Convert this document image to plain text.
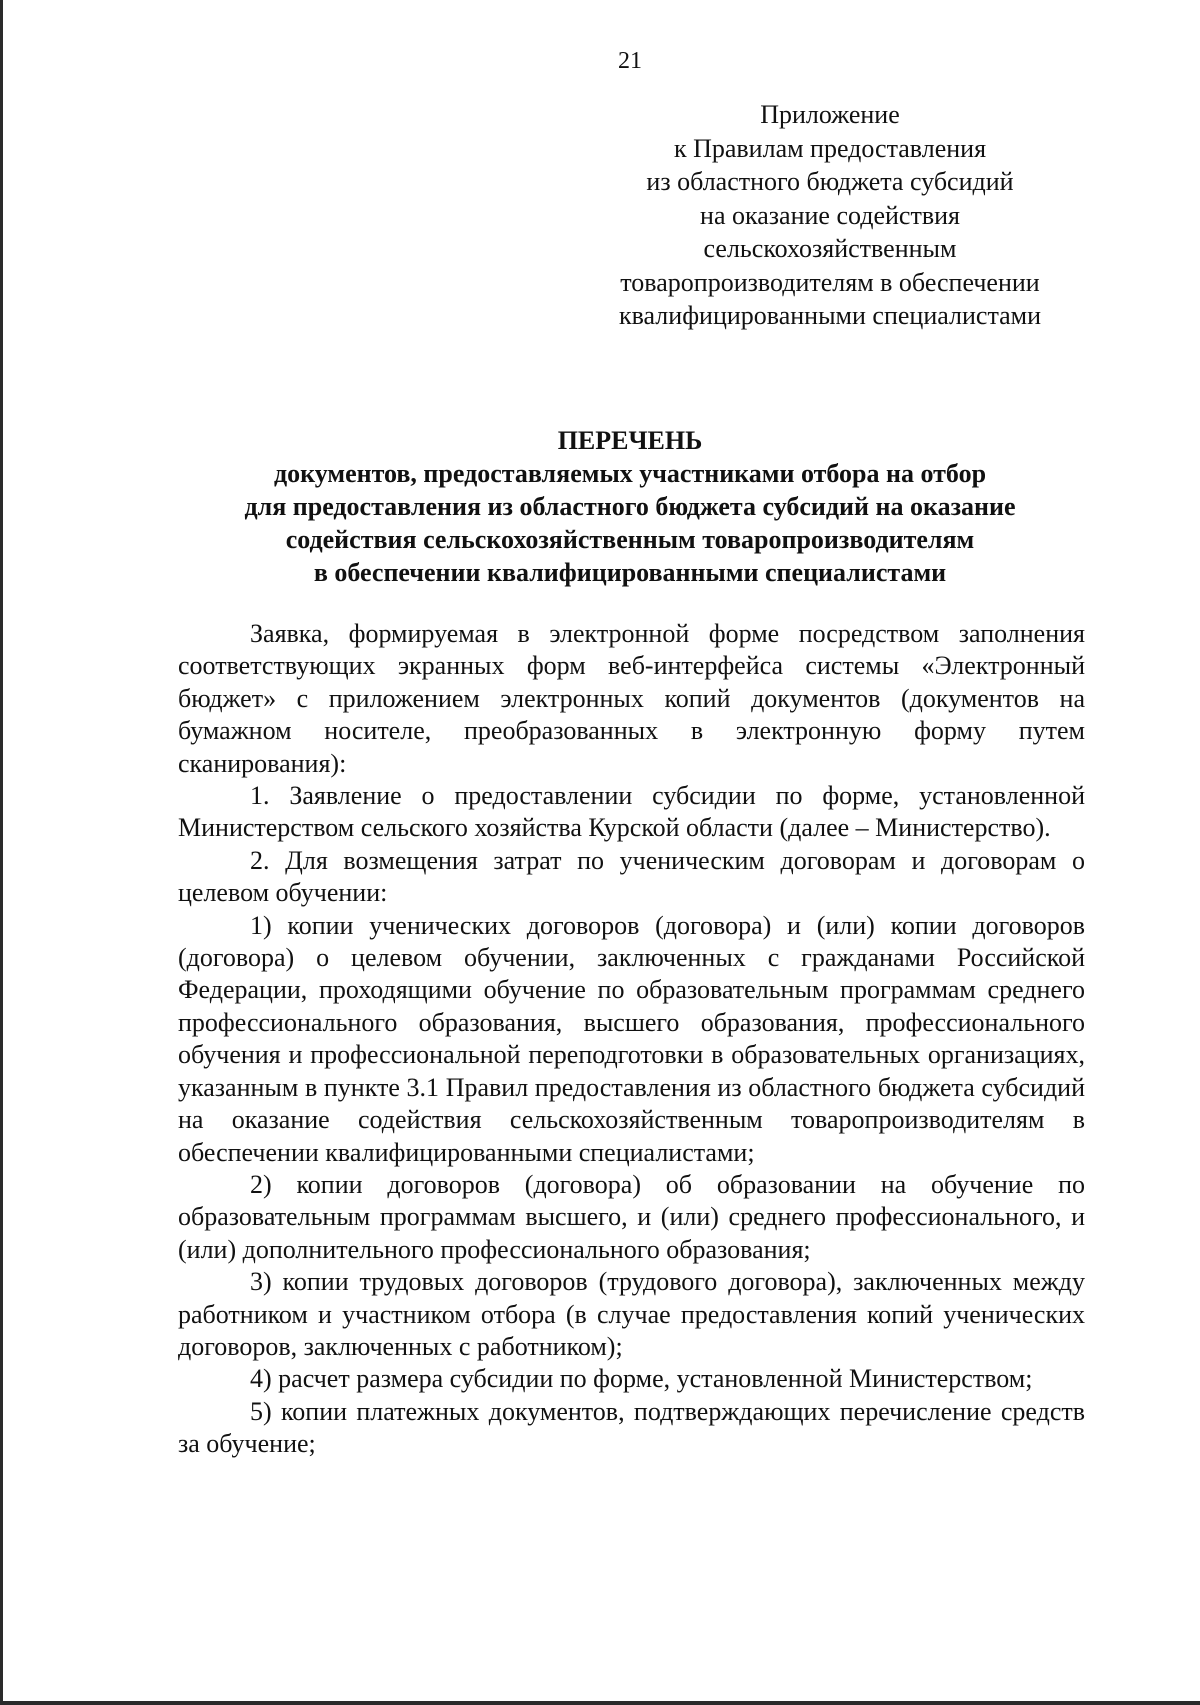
21
Приложение
к Правилам предоставления
из областного бюджета субсидий
на оказание содействия
сельскохозяйственным
товаропроизводителям в обеспечении
квалифицированными специалистами
ПЕРЕЧЕНЬ
документов, предоставляемых участниками отбора на отбор
для предоставления из областного бюджета субсидий на оказание
содействия сельскохозяйственным товаропроизводителям
в обеспечении квалифицированными специалистами

Заявка, формируемая в электронной форме посредством заполнения соответствующих экранных форм веб-интерфейса системы «Электронный бюджет» с приложением электронных копий документов (документов на бумажном носителе, преобразованных в электронную форму путем сканирования):

1. Заявление о предоставлении субсидии по форме, установленной Министерством сельского хозяйства Курской области (далее – Министерство).

2. Для возмещения затрат по ученическим договорам и договорам о целевом обучении:

1) копии ученических договоров (договора) и (или) копии договоров (договора) о целевом обучении, заключенных с гражданами Российской Федерации, проходящими обучение по образовательным программам среднего профессионального образования, высшего образования, профессионального обучения и профессиональной переподготовки в образовательных организациях, указанным в пункте 3.1 Правил предоставления из областного бюджета субсидий на оказание содействия сельскохозяйственным товаропроизводителям в обеспечении квалифицированными специалистами;

2) копии договоров (договора) об образовании на обучение по образовательным программам высшего, и (или) среднего профессионального, и (или) дополнительного профессионального образования;

3) копии трудовых договоров (трудового договора), заключенных между работником и участником отбора (в случае предоставления копий ученических договоров, заключенных с работником);

4) расчет размера субсидии по форме, установленной Министерством;

5) копии платежных документов, подтверждающих перечисление средств за обучение;
